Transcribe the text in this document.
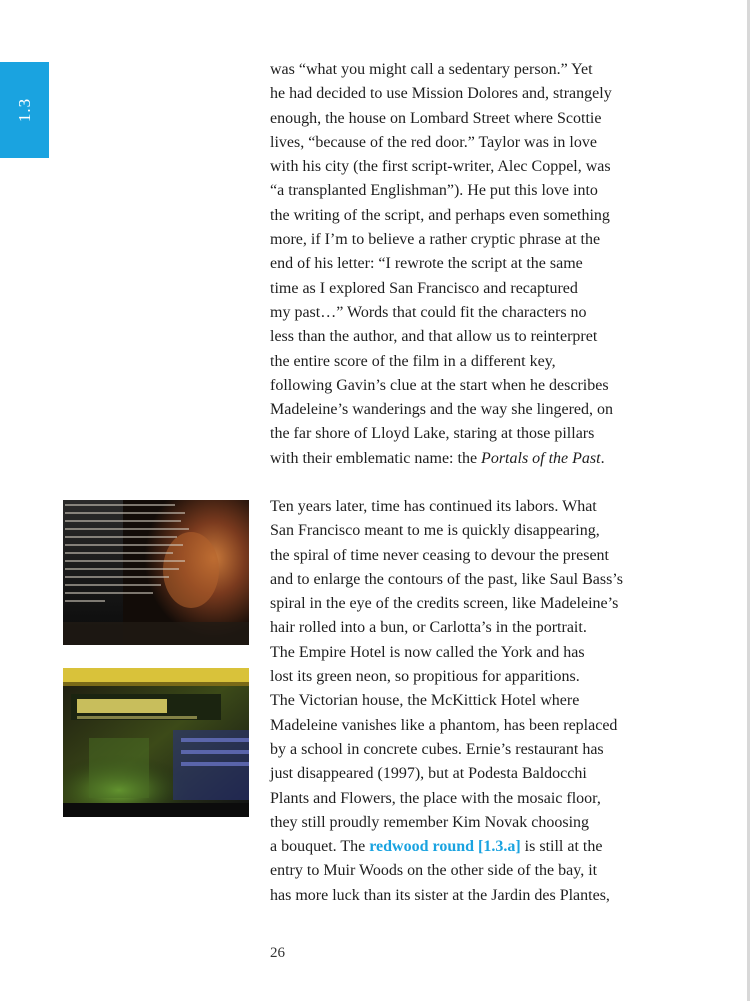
1.3

was “what you might call a sedentary person.” Yet
he had decided to use Mission Dolores and, strangely
enough, the house on Lombard Street where Scottie
lives, “because of the red door.” Taylor was in love
with his city (the first script-writer, Alec Coppel, was
“a transplanted Englishman”). He put this love into
the writing of the script, and perhaps even something
more, if I’m to believe a rather cryptic phrase at the
end of his letter: “I rewrote the script at the same
time as I explored San Francisco and recaptured
my past…” Words that could fit the characters no
less than the author, and that allow us to reinterpret
the entire score of the film in a different key,
following Gavin’s clue at the start when he describes
Madeleine’s wanderings and the way she lingered, on
the far shore of Lloyd Lake, staring at those pillars
with their emblematic name: the Portals of the Past.

Ten years later, time has continued its labors. What
San Francisco meant to me is quickly disappearing,
the spiral of time never ceasing to devour the present
and to enlarge the contours of the past, like Saul Bass’s
spiral in the eye of the credits screen, like Madeleine’s
hair rolled into a bun, or Carlotta’s in the portrait.
The Empire Hotel is now called the York and has
lost its green neon, so propitious for apparitions.
The Victorian house, the McKittick Hotel where
Madeleine vanishes like a phantom, has been replaced
by a school in concrete cubes. Ernie’s restaurant has
just disappeared (1997), but at Podesta Baldocchi
Plants and Flowers, the place with the mosaic floor,
they still proudly remember Kim Novak choosing
a bouquet. The redwood round [1.3.a] is still at the
entry to Muir Woods on the other side of the bay, it
has more luck than its sister at the Jardin des Plantes,

26
